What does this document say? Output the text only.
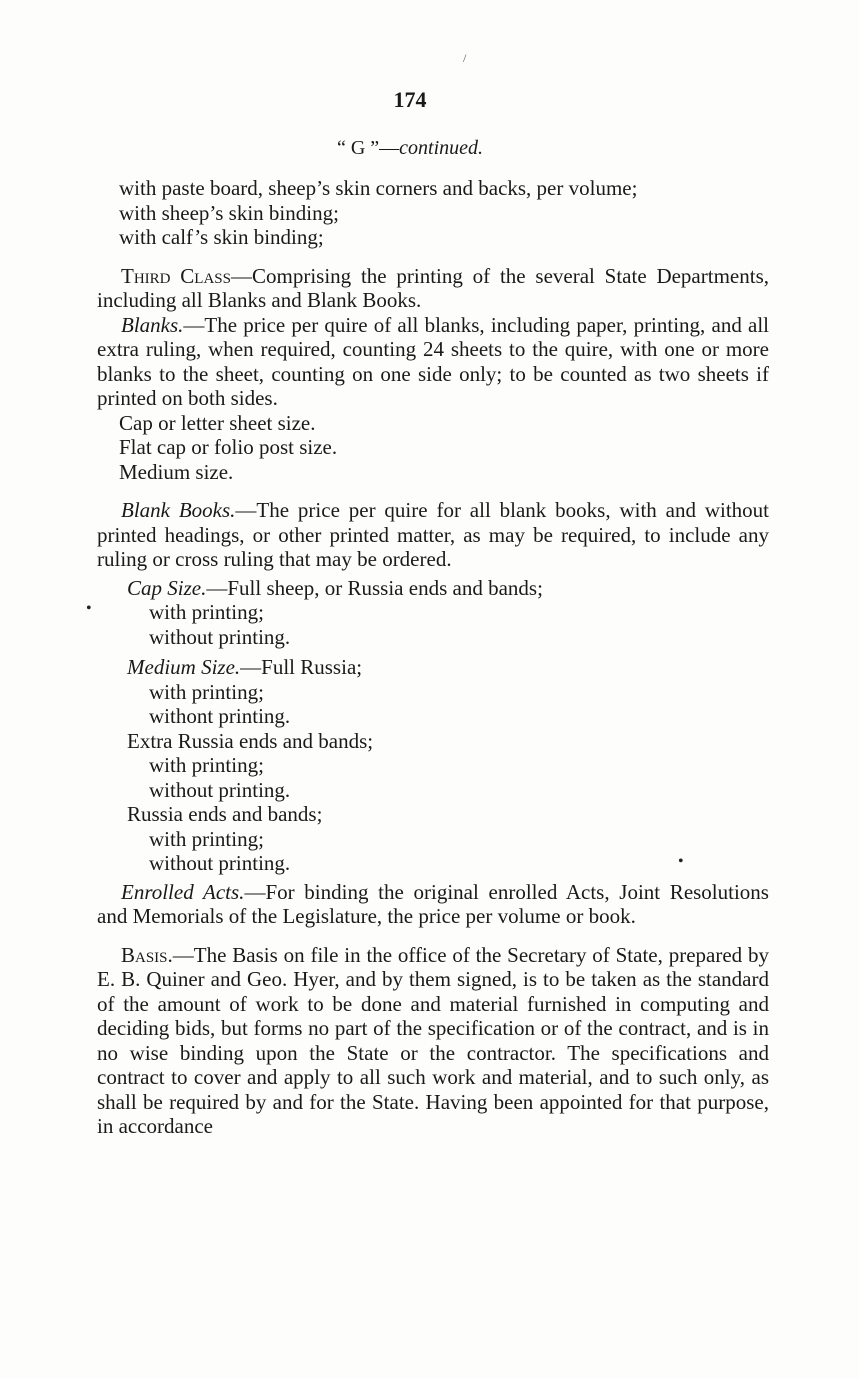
174
“ G ”—continued.
with paste board, sheep’s skin corners and backs, per volume;
with sheep’s skin binding;
with calf’s skin binding;

Third Class—Comprising the printing of the several State Departments, including all Blanks and Blank Books.

Blanks.—The price per quire of all blanks, including paper, printing, and all extra ruling, when required, counting 24 sheets to the quire, with one or more blanks to the sheet, counting on one side only; to be counted as two sheets if printed on both sides.

Cap or letter sheet size.
Flat cap or folio post size.
Medium size.

Blank Books.—The price per quire for all blank books, with and without printed headings, or other printed matter, as may be required, to include any ruling or cross ruling that may be ordered.

Cap Size.—Full sheep, or Russia ends and bands;
with printing;
without printing.
Medium Size.—Full Russia;
with printing;
withont printing.
Extra Russia ends and bands;
with printing;
without printing.
Russia ends and bands;
with printing;
without printing.

Enrolled Acts.—For binding the original enrolled Acts, Joint Resolutions and Memorials of the Legislature, the price per volume or book.

Basis.—The Basis on file in the office of the Secretary of State, prepared by E. B. Quiner and Geo. Hyer, and by them signed, is to be taken as the standard of the amount of work to be done and material furnished in computing and deciding bids, but forms no part of the specification or of the contract, and is in no wise binding upon the State or the contractor. The specifications and contract to cover and apply to all such work and material, and to such only, as shall be required by and for the State. Having been appointed for that purpose, in accordance

/
•
•
